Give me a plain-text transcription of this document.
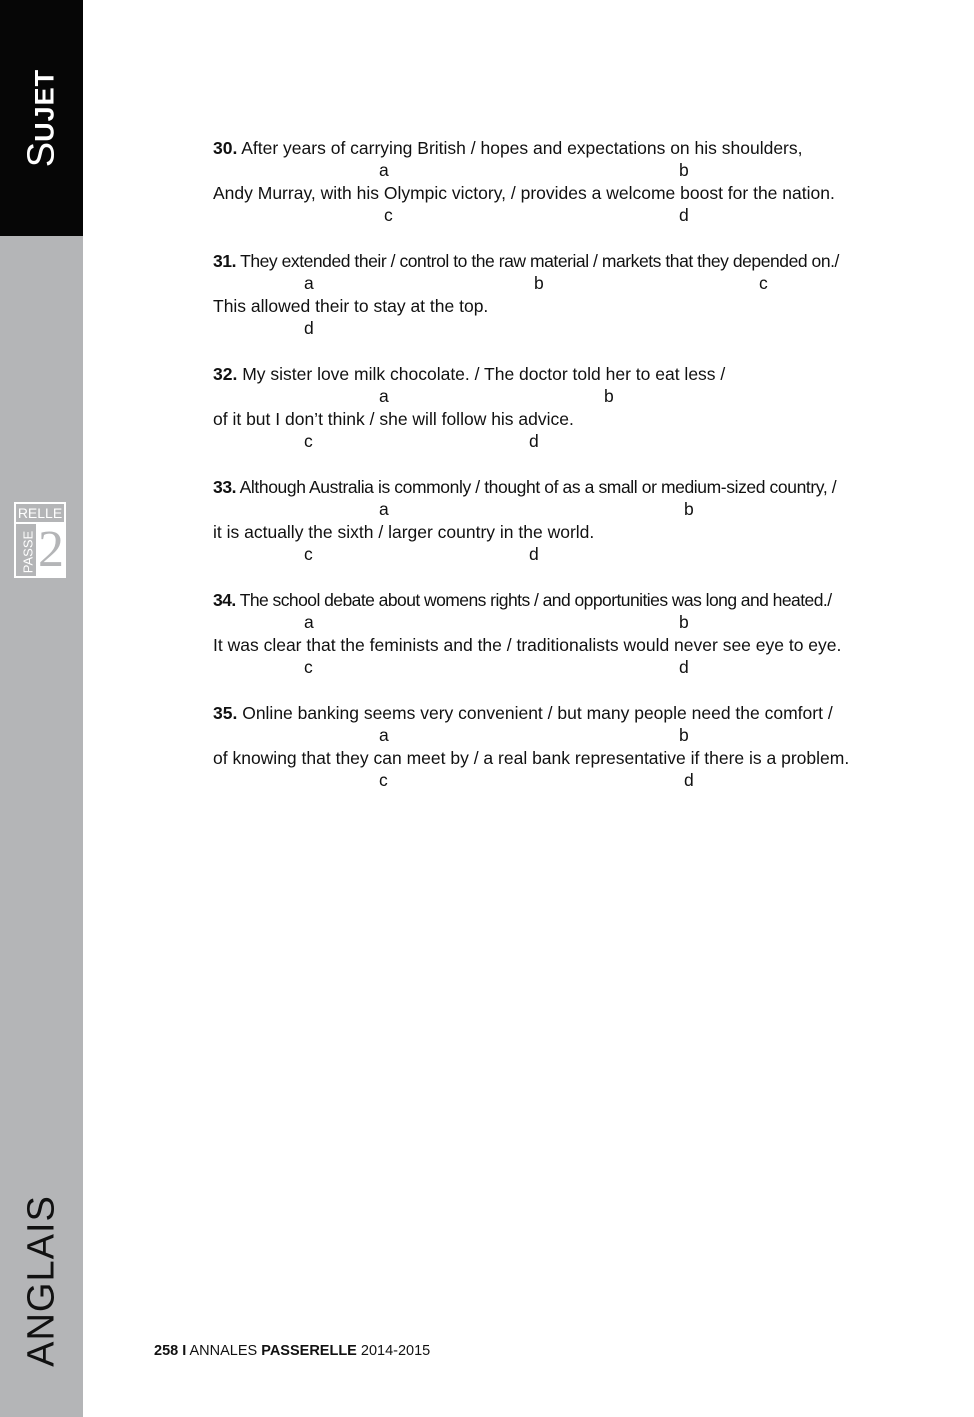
SUJET
RELLE
PASSE 2
ANGLAIS
30. After years of carrying British / hopes and expectations on his shoulders,
a	b
Andy Murray, with his Olympic victory, / provides a welcome boost for the nation.
c	d
31. They extended their / control to the raw material / markets that they depended on./
a	b	c
This allowed their to stay at the top.
d
32. My sister love milk chocolate. / The doctor told her to eat less /
a	b
of it but I don’t think / she will follow his advice.
c	d
33. Although Australia is commonly / thought of as a small or medium-sized country, /
a	b
it is actually the sixth / larger country in the world.
c	d
34. The school debate about womens rights / and opportunities was long and heated./
a	b
It was clear that the feminists and the / traditionalists would never see eye to eye.
c	d
35. Online banking seems very convenient / but many people need the comfort /
a	b
of knowing that they can meet by / a real bank representative if there is a problem.
c	d
258 I ANNALES PASSERELLE 2014-2015
